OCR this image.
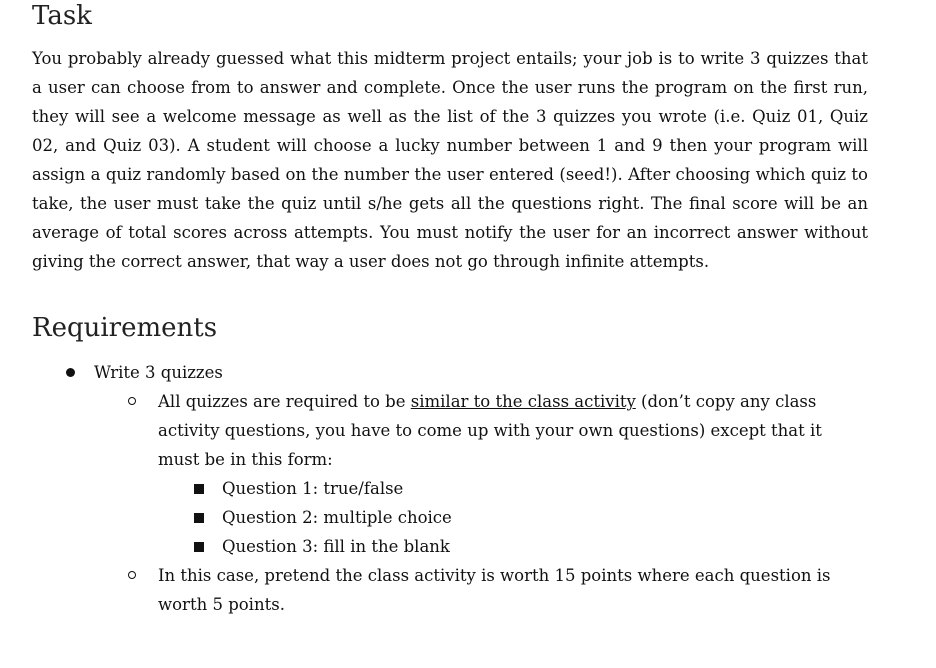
Task

You probably already guessed what this midterm project entails; your job is to write 3 quizzes that a user can choose from to answer and complete. Once the user runs the program on the first run, they will see a welcome message as well as the list of the 3 quizzes you wrote (i.e. Quiz 01, Quiz 02, and Quiz 03). A student will choose a lucky number between 1 and 9 then your program will assign a quiz randomly based on the number the user entered (seed!). After choosing which quiz to take, the user must take the quiz until s/he gets all the questions right. The final score will be an average of total scores across attempts. You must notify the user for an incorrect answer without giving the correct answer, that way a user does not go through infinite attempts.

Requirements
Write 3 quizzes
All quizzes are required to be similar to the class activity (don’t copy any class activity questions, you have to come up with your own questions) except that it must be in this form:
Question 1: true/false
Question 2: multiple choice
Question 3: fill in the blank
In this case, pretend the class activity is worth 15 points where each question is worth 5 points.
